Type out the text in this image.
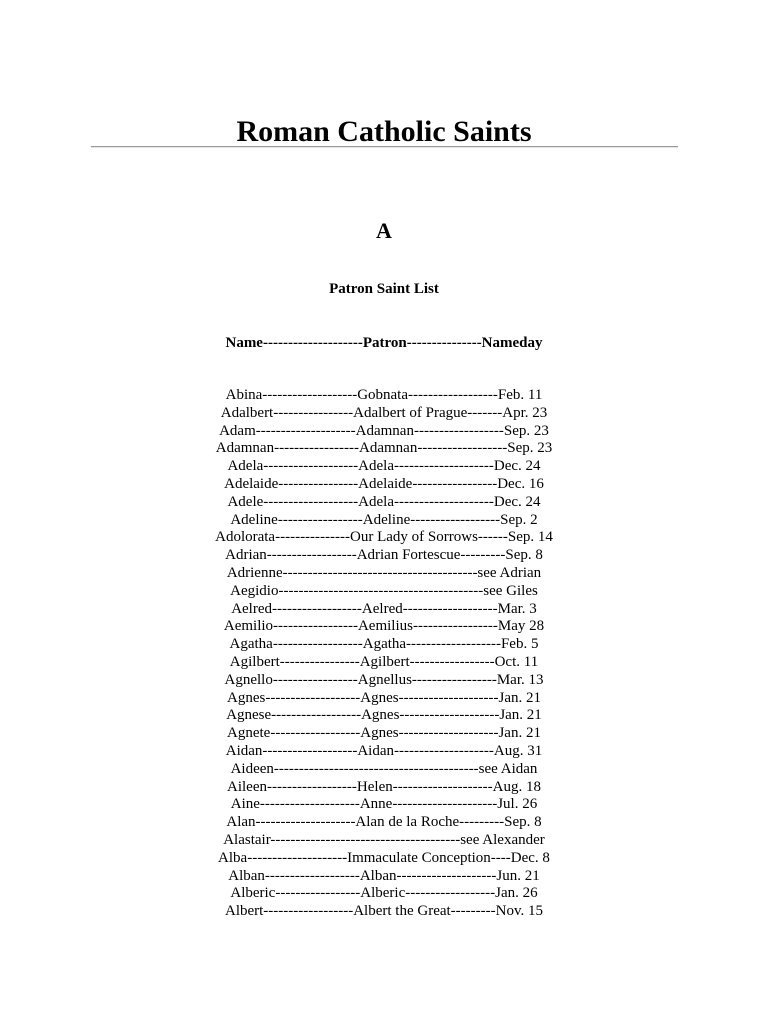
Roman Catholic Saints
A
Patron Saint List
Name--------------------Patron---------------Nameday
Abina-------------------Gobnata------------------Feb. 11
Adalbert----------------Adalbert of Prague-------Apr. 23
Adam--------------------Adamnan------------------Sep. 23
Adamnan-----------------Adamnan------------------Sep. 23
Adela-------------------Adela--------------------Dec. 24
Adelaide----------------Adelaide-----------------Dec. 16
Adele-------------------Adela--------------------Dec. 24
Adeline-----------------Adeline------------------Sep. 2
Adolorata---------------Our Lady of Sorrows------Sep. 14
Adrian------------------Adrian Fortescue---------Sep. 8
Adrienne---------------------------------------see Adrian
Aegidio-----------------------------------------see Giles
Aelred------------------Aelred-------------------Mar. 3
Aemilio-----------------Aemilius-----------------May 28
Agatha------------------Agatha-------------------Feb. 5
Agilbert----------------Agilbert-----------------Oct. 11
Agnello-----------------Agnellus-----------------Mar. 13
Agnes-------------------Agnes--------------------Jan. 21
Agnese------------------Agnes--------------------Jan. 21
Agnete------------------Agnes--------------------Jan. 21
Aidan-------------------Aidan--------------------Aug. 31
Aideen-----------------------------------------see Aidan
Aileen------------------Helen--------------------Aug. 18
Aine--------------------Anne---------------------Jul. 26
Alan--------------------Alan de la Roche---------Sep. 8
Alastair--------------------------------------see Alexander
Alba--------------------Immaculate Conception----Dec. 8
Alban-------------------Alban--------------------Jun. 21
Alberic-----------------Alberic------------------Jan. 26
Albert------------------Albert the Great---------Nov. 15
